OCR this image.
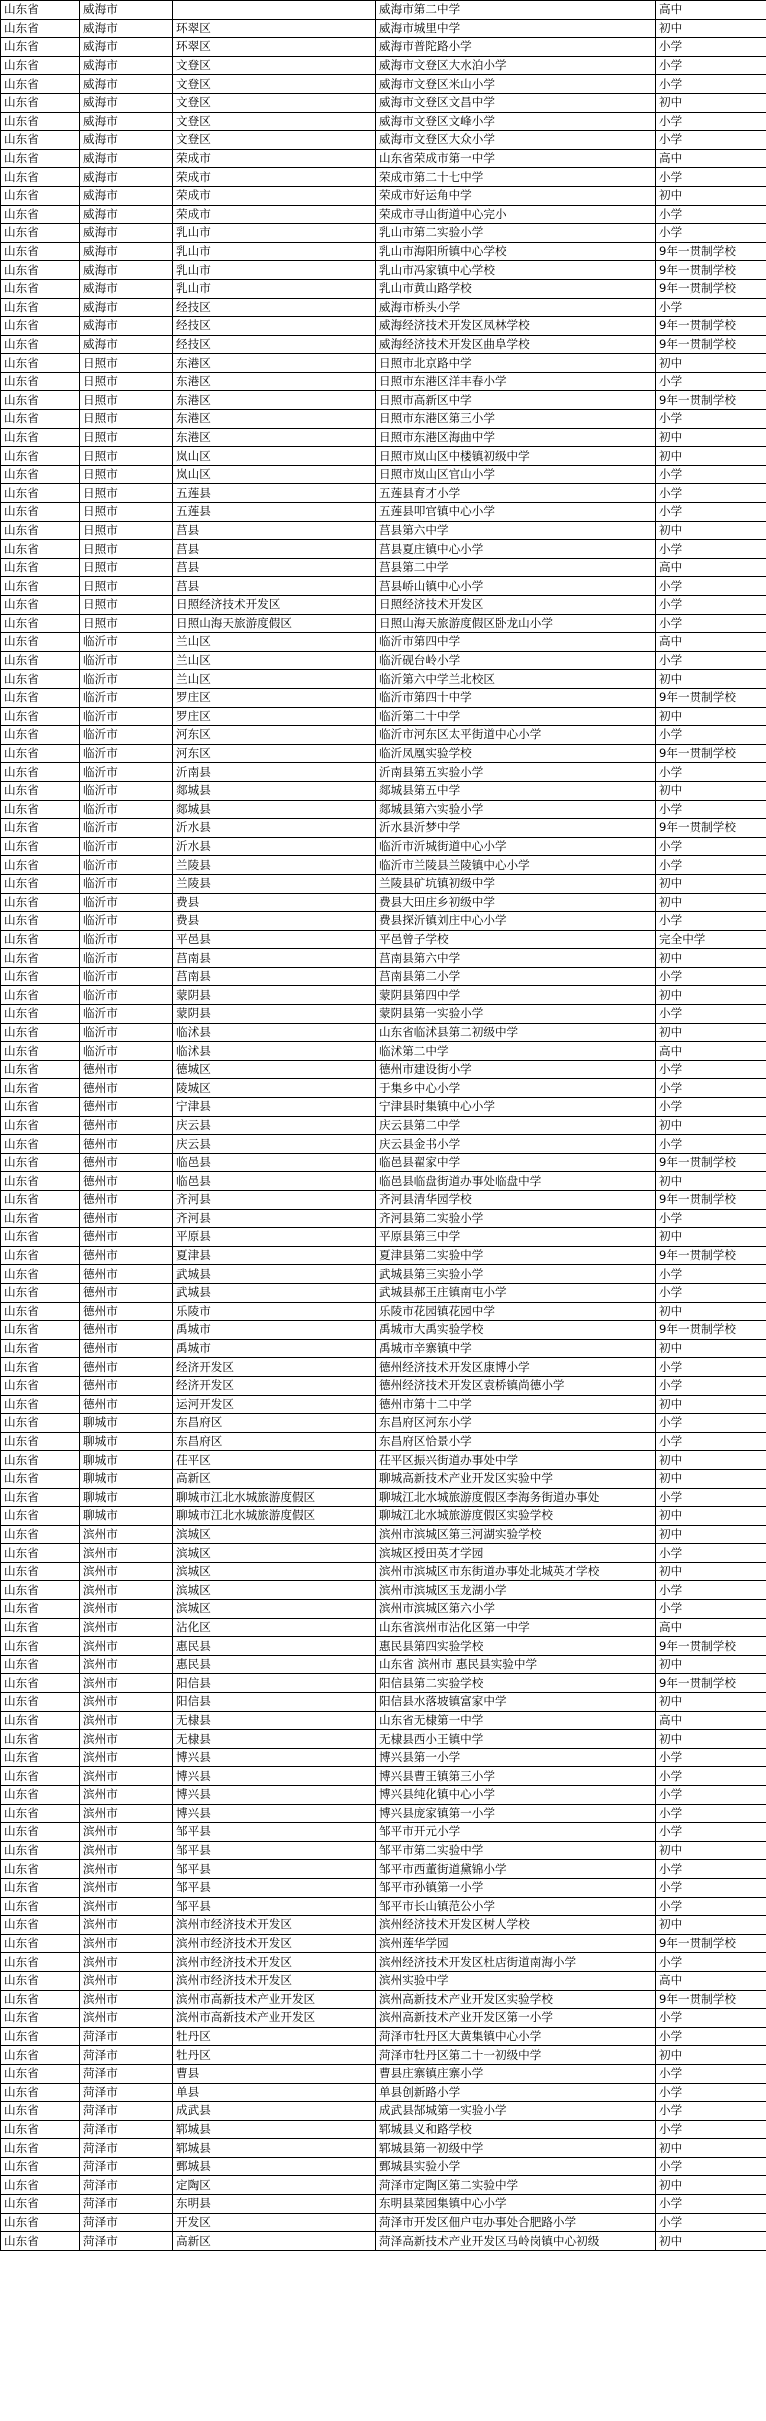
山东省	威海市		威海市第二中学	高中
山东省	威海市	环翠区	威海市城里中学	初中
山东省	威海市	环翠区	威海市普陀路小学	小学
山东省	威海市	文登区	威海市文登区大水泊小学	小学
山东省	威海市	文登区	威海市文登区米山小学	小学
山东省	威海市	文登区	威海市文登区文昌中学	初中
山东省	威海市	文登区	威海市文登区文峰小学	小学
山东省	威海市	文登区	威海市文登区大众小学	小学
山东省	威海市	荣成市	山东省荣成市第一中学	高中
山东省	威海市	荣成市	荣成市第二十七中学	小学
山东省	威海市	荣成市	荣成市好运角中学	初中
山东省	威海市	荣成市	荣成市寻山街道中心完小	小学
山东省	威海市	乳山市	乳山市第二实验小学	小学
山东省	威海市	乳山市	乳山市海阳所镇中心学校	9年一贯制学校
山东省	威海市	乳山市	乳山市冯家镇中心学校	9年一贯制学校
山东省	威海市	乳山市	乳山市黄山路学校	9年一贯制学校
山东省	威海市	经技区	威海市桥头小学	小学
山东省	威海市	经技区	威海经济技术开发区凤林学校	9年一贯制学校
山东省	威海市	经技区	威海经济技术开发区曲阜学校	9年一贯制学校
山东省	日照市	东港区	日照市北京路中学	初中
山东省	日照市	东港区	日照市东港区洋丰春小学	小学
山东省	日照市	东港区	日照市高新区中学	9年一贯制学校
山东省	日照市	东港区	日照市东港区第三小学	小学
山东省	日照市	东港区	日照市东港区海曲中学	初中
山东省	日照市	岚山区	日照市岚山区中楼镇初级中学	初中
山东省	日照市	岚山区	日照市岚山区官山小学	小学
山东省	日照市	五莲县	五莲县育才小学	小学
山东省	日照市	五莲县	五莲县叩官镇中心小学	小学
山东省	日照市	莒县	莒县第六中学	初中
山东省	日照市	莒县	莒县夏庄镇中心小学	小学
山东省	日照市	莒县	莒县第二中学	高中
山东省	日照市	莒县	莒县峤山镇中心小学	小学
山东省	日照市	日照经济技术开发区	日照经济技术开发区	小学
山东省	日照市	日照山海天旅游度假区	日照山海天旅游度假区卧龙山小学	小学
山东省	临沂市	兰山区	临沂市第四中学	高中
山东省	临沂市	兰山区	临沂砚台岭小学	小学
山东省	临沂市	兰山区	临沂第六中学兰北校区	初中
山东省	临沂市	罗庄区	临沂市第四十中学	9年一贯制学校
山东省	临沂市	罗庄区	临沂第二十中学	初中
山东省	临沂市	河东区	临沂市河东区太平街道中心小学	小学
山东省	临沂市	河东区	临沂凤凰实验学校	9年一贯制学校
山东省	临沂市	沂南县	沂南县第五实验小学	小学
山东省	临沂市	郯城县	郯城县第五中学	初中
山东省	临沂市	郯城县	郯城县第六实验小学	小学
山东省	临沂市	沂水县	沂水县沂梦中学	9年一贯制学校
山东省	临沂市	沂水县	临沂市沂城街道中心小学	小学
山东省	临沂市	兰陵县	临沂市兰陵县兰陵镇中心小学	小学
山东省	临沂市	兰陵县	兰陵县矿坑镇初级中学	初中
山东省	临沂市	费县	费县大田庄乡初级中学	初中
山东省	临沂市	费县	费县探沂镇刘庄中心小学	小学
山东省	临沂市	平邑县	平邑曾子学校	完全中学
山东省	临沂市	莒南县	莒南县第六中学	初中
山东省	临沂市	莒南县	莒南县第二小学	小学
山东省	临沂市	蒙阴县	蒙阴县第四中学	初中
山东省	临沂市	蒙阴县	蒙阴县第一实验小学	小学
山东省	临沂市	临沭县	山东省临沭县第二初级中学	初中
山东省	临沂市	临沭县	临沭第二中学	高中
山东省	德州市	德城区	德州市建设街小学	小学
山东省	德州市	陵城区	于集乡中心小学	小学
山东省	德州市	宁津县	宁津县时集镇中心小学	小学
山东省	德州市	庆云县	庆云县第二中学	初中
山东省	德州市	庆云县	庆云县金书小学	小学
山东省	德州市	临邑县	临邑县翟家中学	9年一贯制学校
山东省	德州市	临邑县	临邑县临盘街道办事处临盘中学	初中
山东省	德州市	齐河县	齐河县清华园学校	9年一贯制学校
山东省	德州市	齐河县	齐河县第二实验小学	小学
山东省	德州市	平原县	平原县第三中学	初中
山东省	德州市	夏津县	夏津县第二实验中学	9年一贯制学校
山东省	德州市	武城县	武城县第三实验小学	小学
山东省	德州市	武城县	武城县郝王庄镇南屯小学	小学
山东省	德州市	乐陵市	乐陵市花园镇花园中学	初中
山东省	德州市	禹城市	禹城市大禹实验学校	9年一贯制学校
山东省	德州市	禹城市	禹城市辛寨镇中学	初中
山东省	德州市	经济开发区	德州经济技术开发区康博小学	小学
山东省	德州市	经济开发区	德州经济技术开发区袁桥镇尚德小学	小学
山东省	德州市	运河开发区	德州市第十二中学	初中
山东省	聊城市	东昌府区	东昌府区河东小学	小学
山东省	聊城市	东昌府区	东昌府区恰景小学	小学
山东省	聊城市	茌平区	茌平区振兴街道办事处中学	初中
山东省	聊城市	高新区	聊城高新技术产业开发区实验中学	初中
山东省	聊城市	聊城市江北水城旅游度假区	聊城江北水城旅游度假区李海务街道办事处	小学
山东省	聊城市	聊城市江北水城旅游度假区	聊城江北水城旅游度假区实验学校	初中
山东省	滨州市	滨城区	滨州市滨城区第三河湖实验学校	初中
山东省	滨州市	滨城区	滨城区授田英才学园	小学
山东省	滨州市	滨城区	滨州市滨城区市东街道办事处北城英才学校	初中
山东省	滨州市	滨城区	滨州市滨城区玉龙湖小学	小学
山东省	滨州市	滨城区	滨州市滨城区第六小学	小学
山东省	滨州市	沾化区	山东省滨州市沾化区第一中学	高中
山东省	滨州市	惠民县	惠民县第四实验学校	9年一贯制学校
山东省	滨州市	惠民县	山东省 滨州市 惠民县实验中学	初中
山东省	滨州市	阳信县	阳信县第二实验学校	9年一贯制学校
山东省	滨州市	阳信县	阳信县水落坡镇富家中学	初中
山东省	滨州市	无棣县	山东省无棣第一中学	高中
山东省	滨州市	无棣县	无棣县西小王镇中学	初中
山东省	滨州市	博兴县	博兴县第一小学	小学
山东省	滨州市	博兴县	博兴县曹王镇第三小学	小学
山东省	滨州市	博兴县	博兴县纯化镇中心小学	小学
山东省	滨州市	博兴县	博兴县庞家镇第一小学	小学
山东省	滨州市	邹平县	邹平市开元小学	小学
山东省	滨州市	邹平县	邹平市第二实验中学	初中
山东省	滨州市	邹平县	邹平市西董街道黛锦小学	小学
山东省	滨州市	邹平县	邹平市孙镇第一小学	小学
山东省	滨州市	邹平县	邹平市长山镇范公小学	小学
山东省	滨州市	滨州市经济技术开发区	滨州经济技术开发区树人学校	初中
山东省	滨州市	滨州市经济技术开发区	滨州莲华学园	9年一贯制学校
山东省	滨州市	滨州市经济技术开发区	滨州经济技术开发区杜店街道南海小学	小学
山东省	滨州市	滨州市经济技术开发区	滨州实验中学	高中
山东省	滨州市	滨州市高新技术产业开发区	滨州高新技术产业开发区实验学校	9年一贯制学校
山东省	滨州市	滨州市高新技术产业开发区	滨州高新技术产业开发区第一小学	小学
山东省	菏泽市	牡丹区	菏泽市牡丹区大黄集镇中心小学	小学
山东省	菏泽市	牡丹区	菏泽市牡丹区第二十一初级中学	初中
山东省	菏泽市	曹县	曹县庄寨镇庄寨小学	小学
山东省	菏泽市	单县	单县创新路小学	小学
山东省	菏泽市	成武县	成武县郜城第一实验小学	小学
山东省	菏泽市	郓城县	郓城县义和路学校	小学
山东省	菏泽市	郓城县	郓城县第一初级中学	初中
山东省	菏泽市	鄄城县	鄄城县实验小学	小学
山东省	菏泽市	定陶区	菏泽市定陶区第二实验中学	初中
山东省	菏泽市	东明县	东明县菜园集镇中心小学	小学
山东省	菏泽市	开发区	菏泽市开发区佃户屯办事处合肥路小学	小学
山东省	菏泽市	高新区	菏泽高新技术产业开发区马岭岗镇中心初级	初中
